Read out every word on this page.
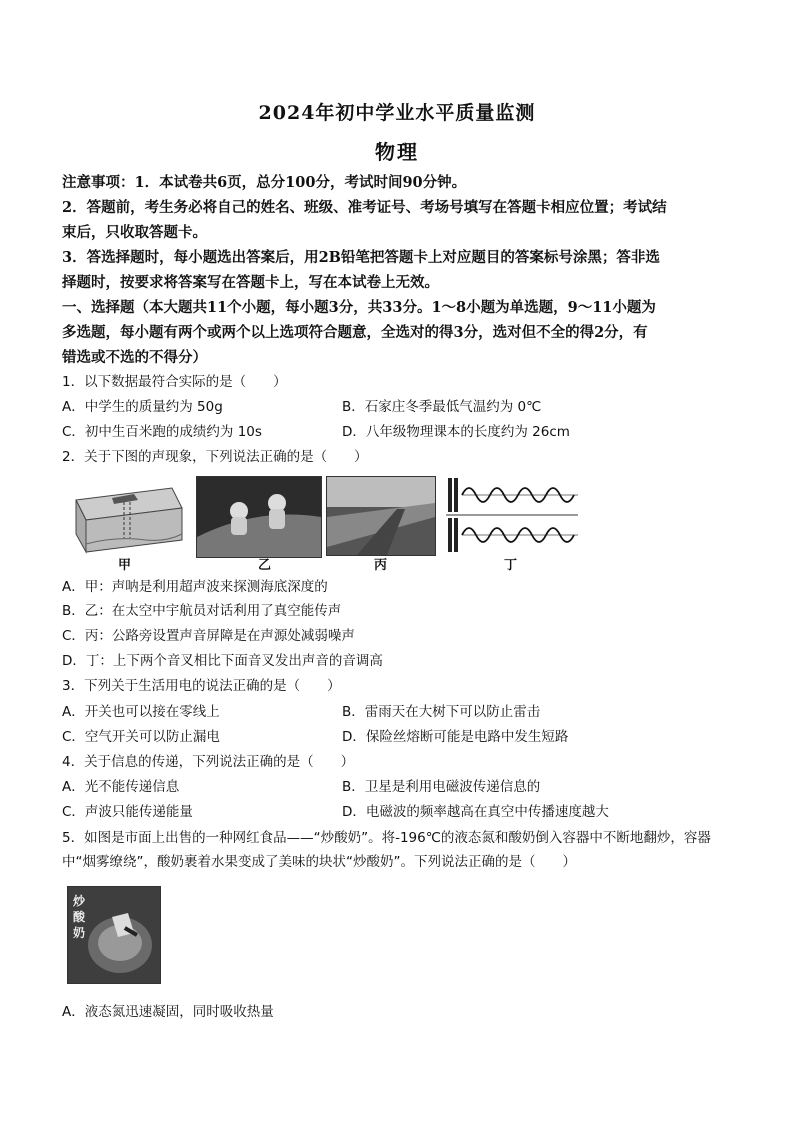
2024年初中学业水平质量监测
物理
注意事项：1．本试卷共6页，总分100分，考试时间90分钟。
2．答题前，考生务必将自己的姓名、班级、准考证号、考场号填写在答题卡相应位置；考试结
束后，只收取答题卡。
3．答选择题时，每小题选出答案后，用2B铅笔把答题卡上对应题目的答案标号涂黑；答非选
择题时，按要求将答案写在答题卡上，写在本试卷上无效。
一、选择题（本大题共11个小题，每小题3分，共33分。1～8小题为单选题，9～11小题为
多选题，每小题有两个或两个以上选项符合题意，全选对的得3分，选对但不全的得2分，有
错选或不选的不得分）
1．以下数据最符合实际的是（　　）
A．中学生的质量约为 50g	B．石家庄冬季最低气温约为 0℃
C．初中生百米跑的成绩约为 10s	D．八年级物理课本的长度约为 26cm
2．关于下图的声现象，下列说法正确的是（　　）
甲	乙	丙	丁
A．甲：声呐是利用超声波来探测海底深度的
B．乙：在太空中宇航员对话利用了真空能传声
C．丙：公路旁设置声音屏障是在声源处减弱噪声
D．丁：上下两个音叉相比下面音叉发出声音的音调高
3．下列关于生活用电的说法正确的是（　　）
A．开关也可以接在零线上	B．雷雨天在大树下可以防止雷击
C．空气开关可以防止漏电	D．保险丝熔断可能是电路中发生短路
4．关于信息的传递，下列说法正确的是（　　）
A．光不能传递信息	B．卫星是利用电磁波传递信息的
C．声波只能传递能量	D．电磁波的频率越高在真空中传播速度越大
5．如图是市面上出售的一种网红食品——“炒酸奶”。将-196℃的液态氮和酸奶倒入容器中不断地翻炒，容器
中“烟雾缭绕”，酸奶裹着水果变成了美味的块状“炒酸奶”。下列说法正确的是（　　）
炒酸奶
A．液态氮迅速凝固，同时吸收热量
